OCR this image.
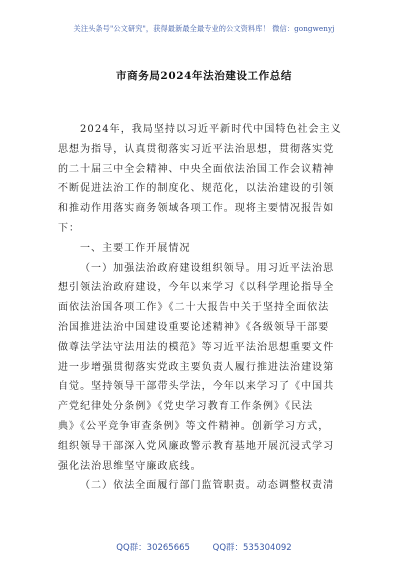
关注头条号"公文研究"，获得最新最全最专业的公文资料库！ 微信：gongwenyj
市商务局2024年法治建设工作总结
2024年，我局坚持以习近平新时代中国特色社会主义
思想为指导，认真贯彻落实习近平法治思想，贯彻落实党
的二十届三中全会精神、中央全面依法治国工作会议精神
不断促进法治工作的制度化、规范化，以法治建设的引领
和推动作用落实商务领域各项工作。现将主要情况报告如
下：
一、主要工作开展情况
（一）加强法治政府建设组织领导。用习近平法治思
想引领法治政府建设，今年以来学习《以科学理论指导全
面依法治国各项工作》《二十大报告中关于坚持全面依法
治国推进法治中国建设重要论述精神》《各级领导干部要
做尊法学法守法用法的模范》等习近平法治思想重要文件
进一步增强贯彻落实党政主要负责人履行推进法治建设第
自觉。坚持领导干部带头学法，今年以来学习了《中国共
产党纪律处分条例》《党史学习教育工作条例》《民法
典》《公平竞争审查条例》等文件精神。创新学习方式，
组织领导干部深入党风廉政警示教育基地开展沉浸式学习
强化法治思维坚守廉政底线。
（二）依法全面履行部门监管职责。动态调整权责清
QQ群：30265665	QQ群：535304092
